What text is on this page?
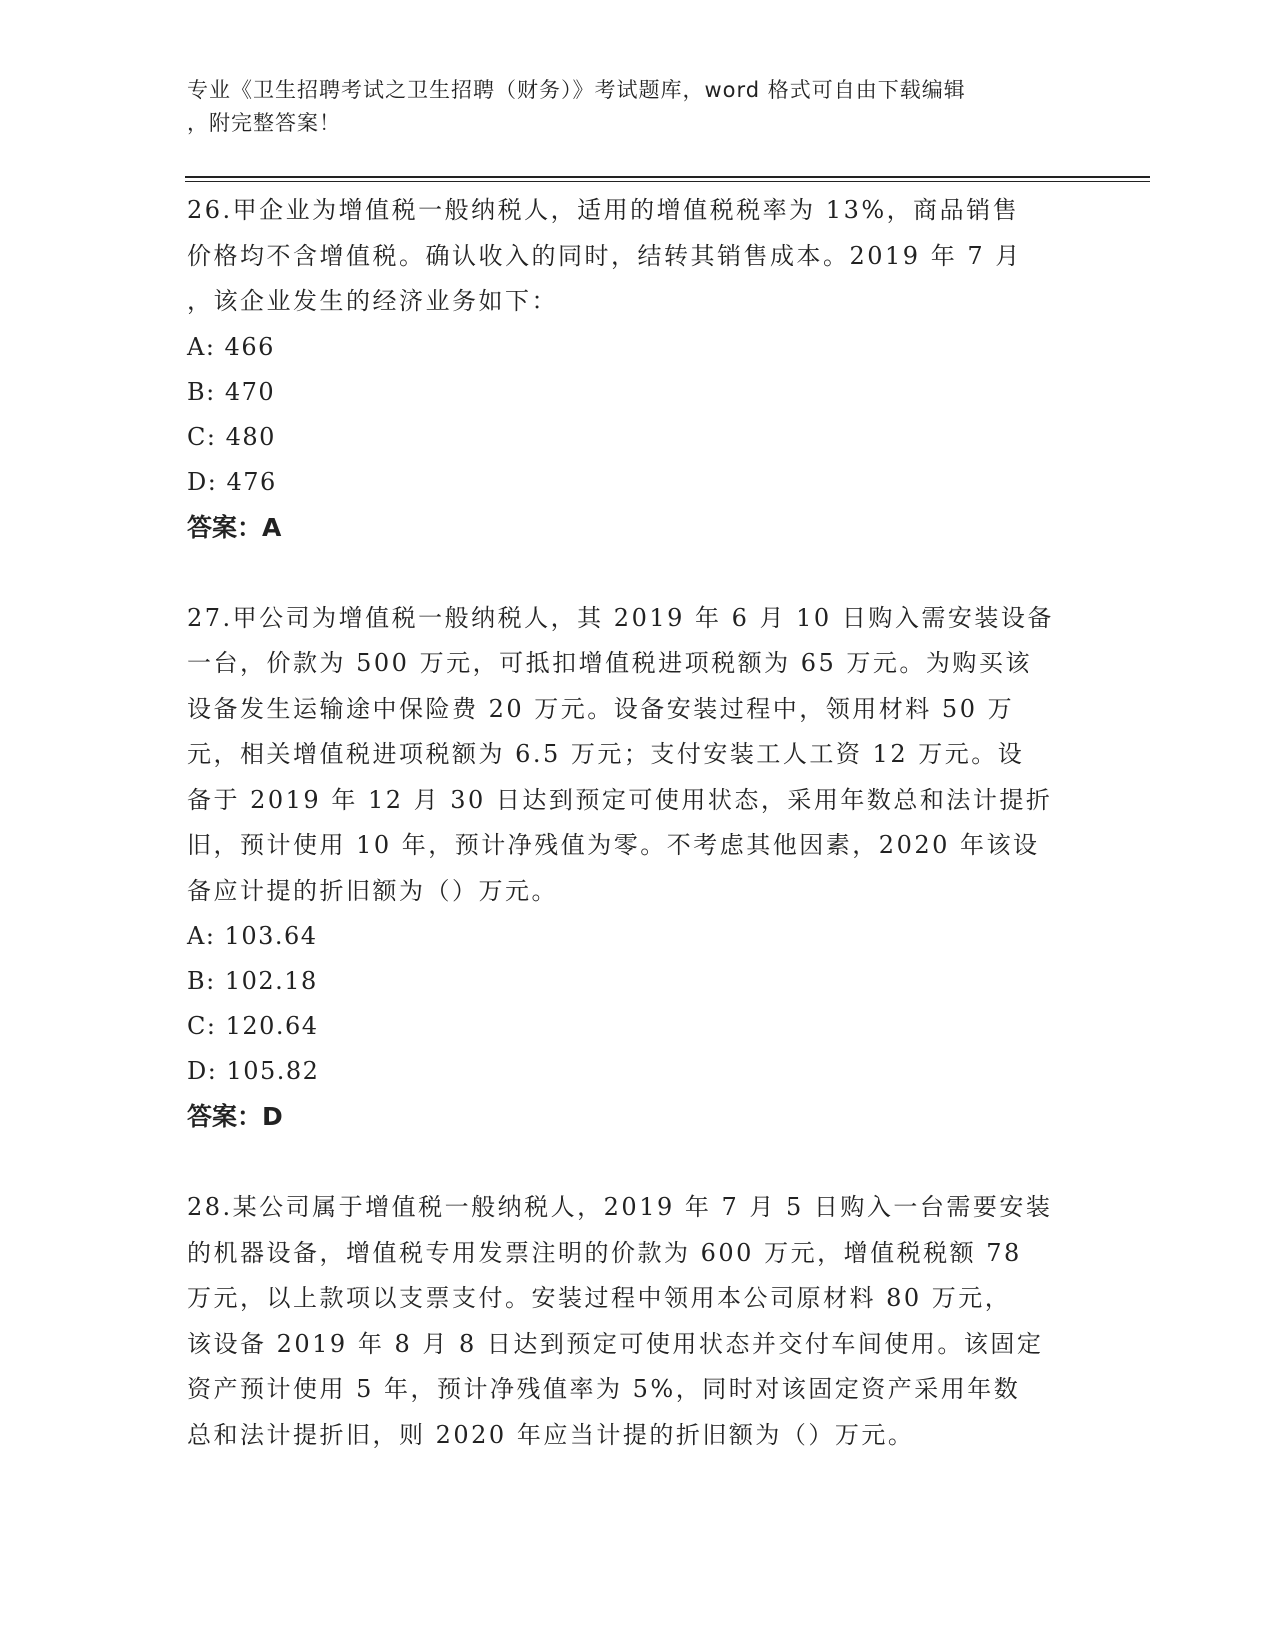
专业《卫生招聘考试之卫生招聘（财务）》考试题库，word 格式可自由下载编辑
，附完整答案！

26.甲企业为增值税一般纳税人，适用的增值税税率为 13%，商品销售

价格均不含增值税。确认收入的同时，结转其销售成本。2019 年 7 月

，该企业发生的经济业务如下：

A: 466
B: 470
C: 480
D: 476
答案：A

27.甲公司为增值税一般纳税人，其 2019 年 6 月 10 日购入需安装设备

一台，价款为 500 万元，可抵扣增值税进项税额为 65 万元。为购买该

设备发生运输途中保险费 20 万元。设备安装过程中，领用材料 50 万

元，相关增值税进项税额为 6.5 万元；支付安装工人工资 12 万元。设

备于 2019 年 12 月 30 日达到预定可使用状态，采用年数总和法计提折

旧，预计使用 10 年，预计净残值为零。不考虑其他因素，2020 年该设

备应计提的折旧额为（）万元。

A: 103.64
B: 102.18
C: 120.64
D: 105.82
答案：D

28.某公司属于增值税一般纳税人，2019 年 7 月 5 日购入一台需要安装

的机器设备，增值税专用发票注明的价款为 600 万元，增值税税额 78

万元，以上款项以支票支付。安装过程中领用本公司原材料 80 万元，

该设备 2019 年 8 月 8 日达到预定可使用状态并交付车间使用。该固定

资产预计使用 5 年，预计净残值率为 5%，同时对该固定资产采用年数

总和法计提折旧，则 2020 年应当计提的折旧额为（）万元。
